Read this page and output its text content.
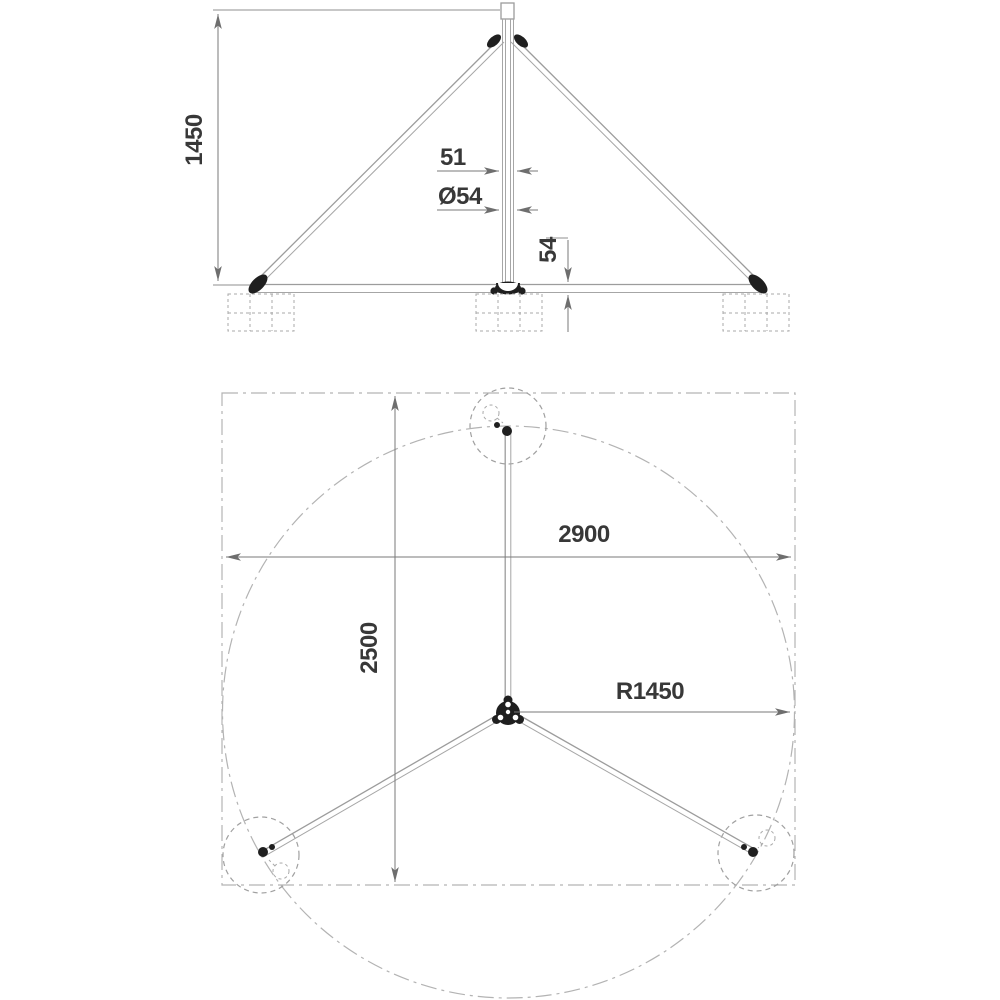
1450	51
Ø54
54
2900
2500
R1450
